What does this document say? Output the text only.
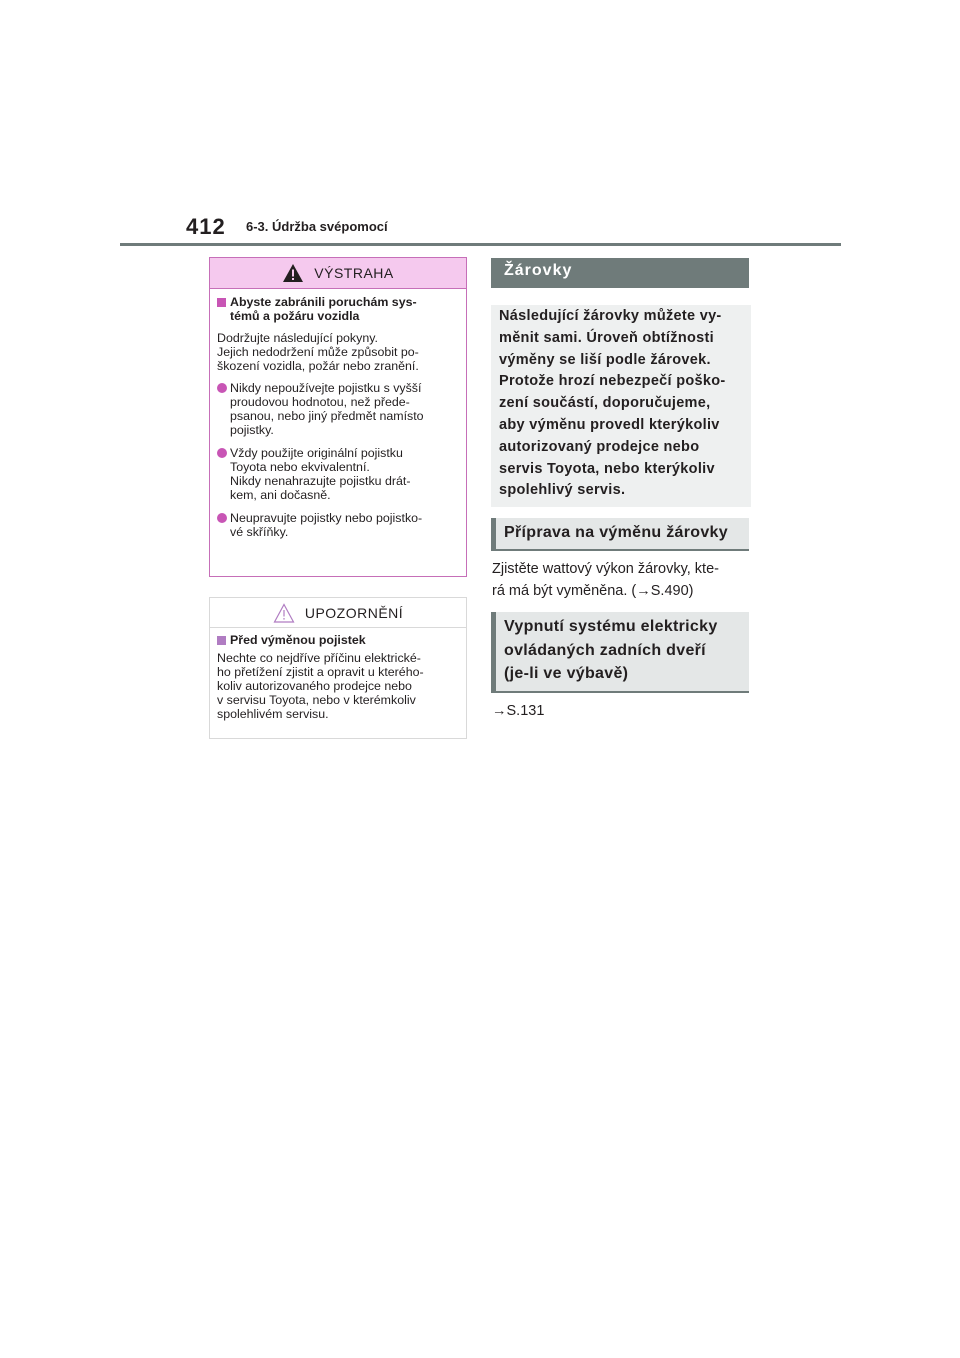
412 6-3. Údržba svépomocí
VÝSTRAHA
Abyste zabránili poruchám sys-
témů a požáru vozidla
Dodržujte následující pokyny.
Jejich nedodržení může způsobit po-
škození vozidla, požár nebo zranění.
Nikdy nepoužívejte pojistku s vyšší
proudovou hodnotou, než přede-
psanou, nebo jiný předmět namísto
pojistky.
Vždy použijte originální pojistku
Toyota nebo ekvivalentní.
Nikdy nenahrazujte pojistku drát-
kem, ani dočasně.
Neupravujte pojistky nebo pojistko-
vé skříňky.
UPOZORNĚNÍ
Před výměnou pojistek
Nechte co nejdříve příčinu elektrické-
ho přetížení zjistit a opravit u kterého-
koliv autorizovaného prodejce nebo
v servisu Toyota, nebo v kterémkoliv
spolehlivém servisu.
Žárovky
Následující žárovky můžete vy-
měnit sami. Úroveň obtížnosti
výměny se liší podle žárovek.
Protože hrozí nebezpečí poško-
zení součástí, doporučujeme,
aby výměnu provedl kterýkoliv
autorizovaný prodejce nebo
servis Toyota, nebo kterýkoliv
spolehlivý servis.
Příprava na výměnu žárovky
Zjistěte wattový výkon žárovky, kte-
rá má být vyměněna. (→S.490)
Vypnutí systému elektricky
ovládaných zadních dveří
(je-li ve výbavě)
→S.131
